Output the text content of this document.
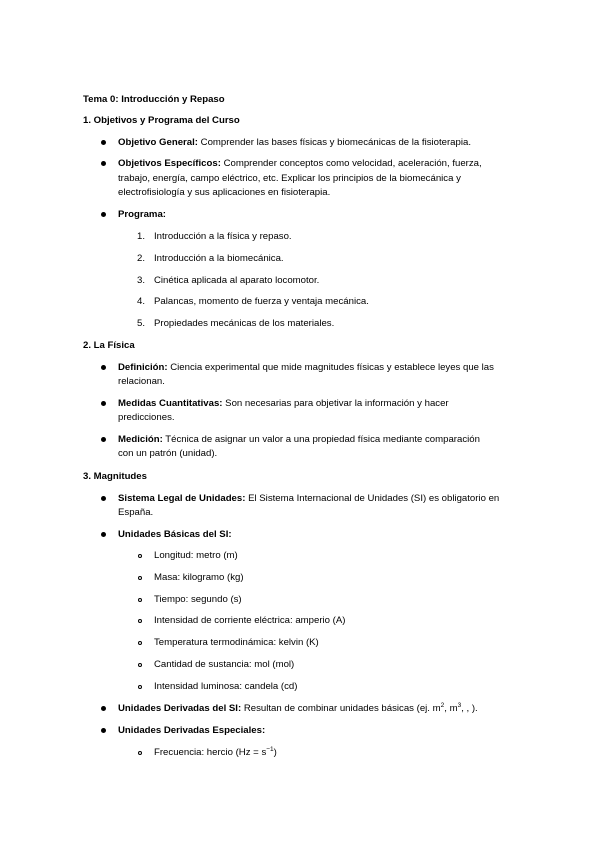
Tema 0: Introducción y Repaso
1. Objetivos y Programa del Curso
Objetivo General: Comprender las bases físicas y biomecánicas de la fisioterapia.
Objetivos Específicos: Comprender conceptos como velocidad, aceleración, fuerza,
trabajo, energía, campo eléctrico, etc. Explicar los principios de la biomecánica y
electrofisiología y sus aplicaciones en fisioterapia.
Programa:
1. Introducción a la física y repaso.
2. Introducción a la biomecánica.
3. Cinética aplicada al aparato locomotor.
4. Palancas, momento de fuerza y ventaja mecánica.
5. Propiedades mecánicas de los materiales.
2. La Física
Definición: Ciencia experimental que mide magnitudes físicas y establece leyes que las
relacionan.
Medidas Cuantitativas: Son necesarias para objetivar la información y hacer
predicciones.
Medición: Técnica de asignar un valor a una propiedad física mediante comparación
con un patrón (unidad).
3. Magnitudes
Sistema Legal de Unidades: El Sistema Internacional de Unidades (SI) es obligatorio en
España.
Unidades Básicas del SI:
Longitud: metro (m)
Masa: kilogramo (kg)
Tiempo: segundo (s)
Intensidad de corriente eléctrica: amperio (A)
Temperatura termodinámica: kelvin (K)
Cantidad de sustancia: mol (mol)
Intensidad luminosa: candela (cd)
Unidades Derivadas del SI: Resultan de combinar unidades básicas (ej. $m^2$, $m^3$, , ).
Unidades Derivadas Especiales:
Frecuencia: hercio $(Hz = s^{-1})$
